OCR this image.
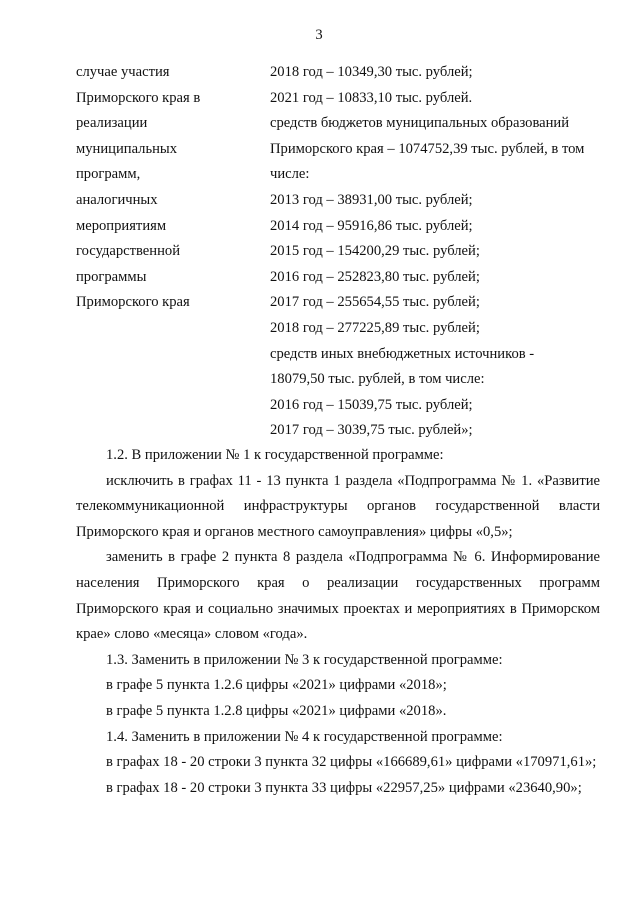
3
случае участия
Приморского края в
реализации
муниципальных
программ,
аналогичных
мероприятиям
государственной
программы
Приморского края
2018 год – 10349,30 тыс. рублей;
2021 год – 10833,10 тыс. рублей.
средств бюджетов муниципальных образований
Приморского края – 1074752,39 тыс. рублей, в том
числе:
2013 год – 38931,00 тыс. рублей;
2014 год – 95916,86 тыс. рублей;
2015 год – 154200,29 тыс. рублей;
2016 год – 252823,80 тыс. рублей;
2017 год – 255654,55 тыс. рублей;
2018 год – 277225,89 тыс. рублей;
средств иных внебюджетных источников -
18079,50 тыс. рублей, в том числе:
2016 год – 15039,75 тыс. рублей;
2017 год – 3039,75 тыс. рублей»;

1.2. В приложении № 1 к государственной программе:

исключить в графах 11 - 13 пункта 1 раздела «Подпрограмма № 1. «Развитие телекоммуникационной инфраструктуры органов государственной власти Приморского края и органов местного самоуправления» цифры «0,5»;

заменить в графе 2 пункта 8 раздела «Подпрограмма № 6. Информирование населения Приморского края о реализации государственных программ Приморского края и социально значимых проектах и мероприятиях в Приморском крае» слово «месяца» словом «года».

1.3. Заменить в приложении № 3 к государственной программе:

в графе 5 пункта 1.2.6 цифры «2021» цифрами «2018»;

в графе 5 пункта 1.2.8 цифры «2021» цифрами «2018».

1.4. Заменить в приложении № 4 к государственной программе:

в графах 18 - 20 строки 3 пункта 32 цифры «166689,61» цифрами «170971,61»;

в графах 18 - 20 строки 3 пункта 33 цифры «22957,25» цифрами «23640,90»;
